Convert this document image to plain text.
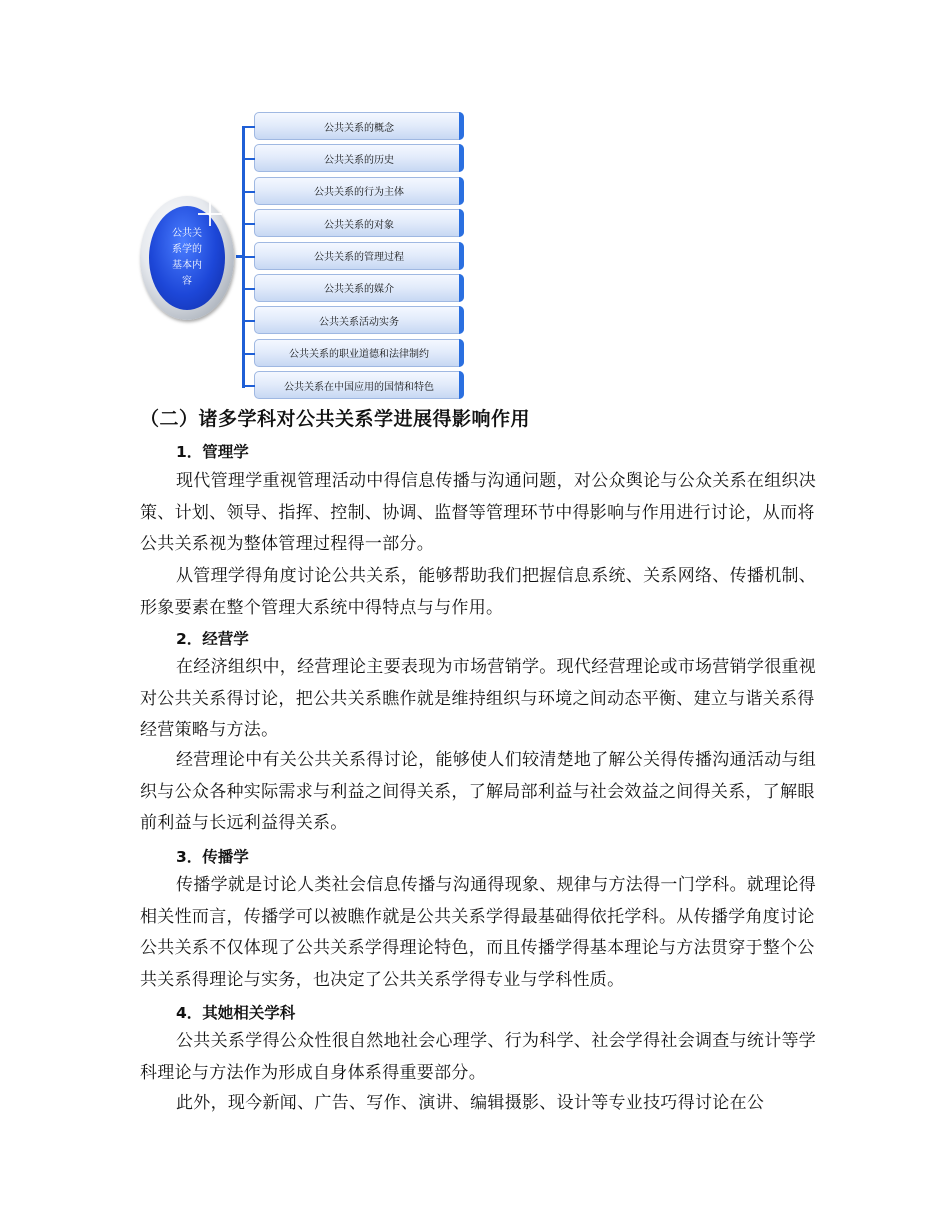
公共关系学的基本内容
公共关系的概念
公共关系的历史
公共关系的行为主体
公共关系的对象
公共关系的管理过程
公共关系的媒介
公共关系活动实务
公共关系的职业道德和法律制约
公共关系在中国应用的国情和特色
（二）诸多学科对公共关系学进展得影响作用
1．管理学
现代管理学重视管理活动中得信息传播与沟通问题，对公众舆论与公众关系在组织决策、计划、领导、指挥、控制、协调、监督等管理环节中得影响与作用进行讨论，从而将公共关系视为整体管理过程得一部分。
从管理学得角度讨论公共关系，能够帮助我们把握信息系统、关系网络、传播机制、形象要素在整个管理大系统中得特点与与作用。
2．经营学
在经济组织中，经营理论主要表现为市场营销学。现代经营理论或市场营销学很重视对公共关系得讨论，把公共关系瞧作就是维持组织与环境之间动态平衡、建立与谐关系得经营策略与方法。
经营理论中有关公共关系得讨论，能够使人们较清楚地了解公关得传播沟通活动与组织与公众各种实际需求与利益之间得关系，了解局部利益与社会效益之间得关系，了解眼前利益与长远利益得关系。
3．传播学
传播学就是讨论人类社会信息传播与沟通得现象、规律与方法得一门学科。就理论得相关性而言，传播学可以被瞧作就是公共关系学得最基础得依托学科。从传播学角度讨论公共关系不仅体现了公共关系学得理论特色，而且传播学得基本理论与方法贯穿于整个公共关系得理论与实务，也决定了公共关系学得专业与学科性质。
4．其她相关学科
公共关系学得公众性很自然地社会心理学、行为科学、社会学得社会调查与统计等学科理论与方法作为形成自身体系得重要部分。
此外，现今新闻、广告、写作、演讲、编辑摄影、设计等专业技巧得讨论在公
